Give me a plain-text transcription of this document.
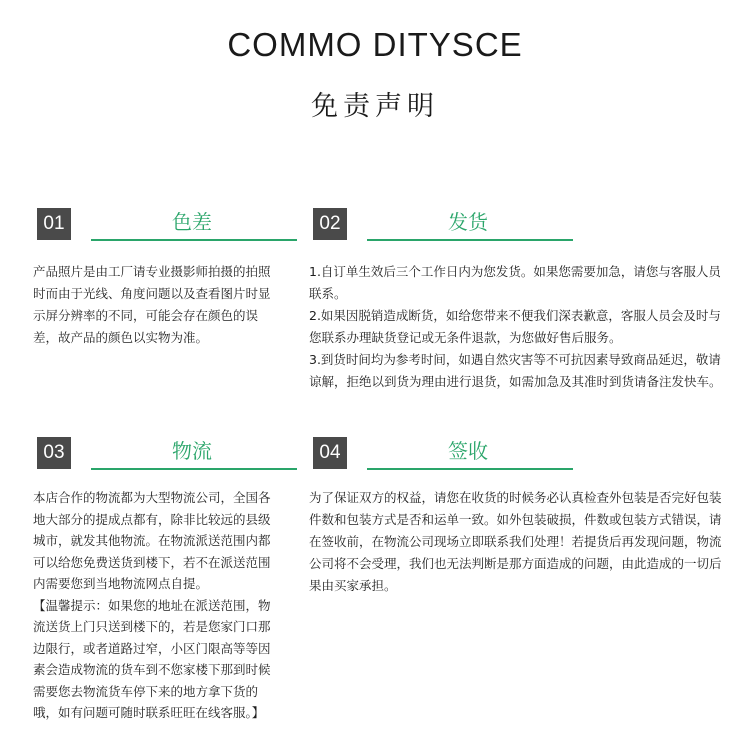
COMMO DITYSCE
免责声明
01	色差

产品照片是由工厂请专业摄影师拍摄的拍照时而由于光线、角度问题以及查看图片时显示屏分辨率的不同，可能会存在颜色的误差，故产品的颜色以实物为准。

02	发货

1.自订单生效后三个工作日内为您发货。如果您需要加急，请您与客服人员联系。

2.如果因脱销造成断货，如给您带来不便我们深表歉意，客服人员会及时与您联系办理缺货登记或无条件退款，为您做好售后服务。

3.到货时间均为参考时间，如遇自然灾害等不可抗因素导致商品延迟，敬请谅解，拒绝以到货为理由进行退货，如需加急及其准时到货请备注发快车。

03	物流

本店合作的物流都为大型物流公司，全国各地大部分的提成点都有，除非比较远的县级城市，就发其他物流。在物流派送范围内都可以给您免费送货到楼下，若不在派送范围内需要您到当地物流网点自提。

【温馨提示：如果您的地址在派送范围，物流送货上门只送到楼下的，若是您家门口那边限行，或者道路过窄，小区门限高等等因素会造成物流的货车到不您家楼下那到时候需要您去物流货车停下来的地方拿下货的哦，如有问题可随时联系旺旺在线客服。】

04	签收

为了保证双方的权益，请您在收货的时候务必认真检查外包装是否完好包装件数和包装方式是否和运单一致。如外包装破损，件数或包装方式错误，请在签收前，在物流公司现场立即联系我们处理！若提货后再发现问题，物流公司将不会受理，我们也无法判断是那方面造成的问题，由此造成的一切后果由买家承担。
